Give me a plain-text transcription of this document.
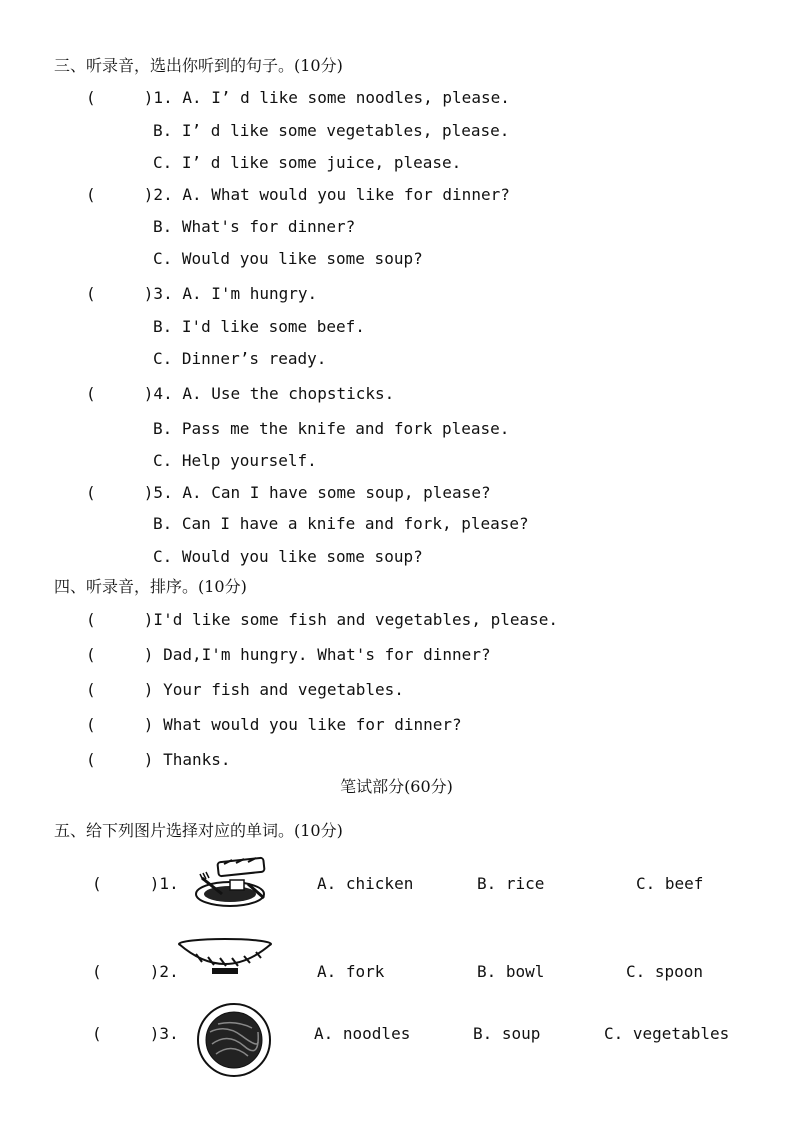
三、听录音，选出你听到的句子。(10分)
(     )1. A. I’ d like some noodles, please.
B. I’ d like some vegetables, please.
C. I’ d like some juice, please.
(     )2. A. What would you like for dinner?
B. What's for dinner?
C. Would you like some soup?
(     )3. A. I'm hungry.
B. I'd like some beef.
C. Dinner’s ready.
(     )4. A. Use the chopsticks.
B. Pass me the knife and fork please.
C. Help yourself.
(     )5. A. Can I have some soup, please?
B. Can I have a knife and fork, please?
C. Would you like some soup?
四、听录音，排序。(10分)
(     )I'd like some fish and vegetables, please.
(     ) Dad,I'm hungry. What's for dinner?
(     ) Your fish and vegetables.
(     ) What would you like for dinner?
(     ) Thanks.
笔试部分(60分)
五、给下列图片选择对应的单词。(10分)
(     )1.	A. chicken	B. rice	C. beef
(     )2.	A. fork	B. bowl	C. spoon
(     )3.	A. noodles	B. soup	C. vegetables
